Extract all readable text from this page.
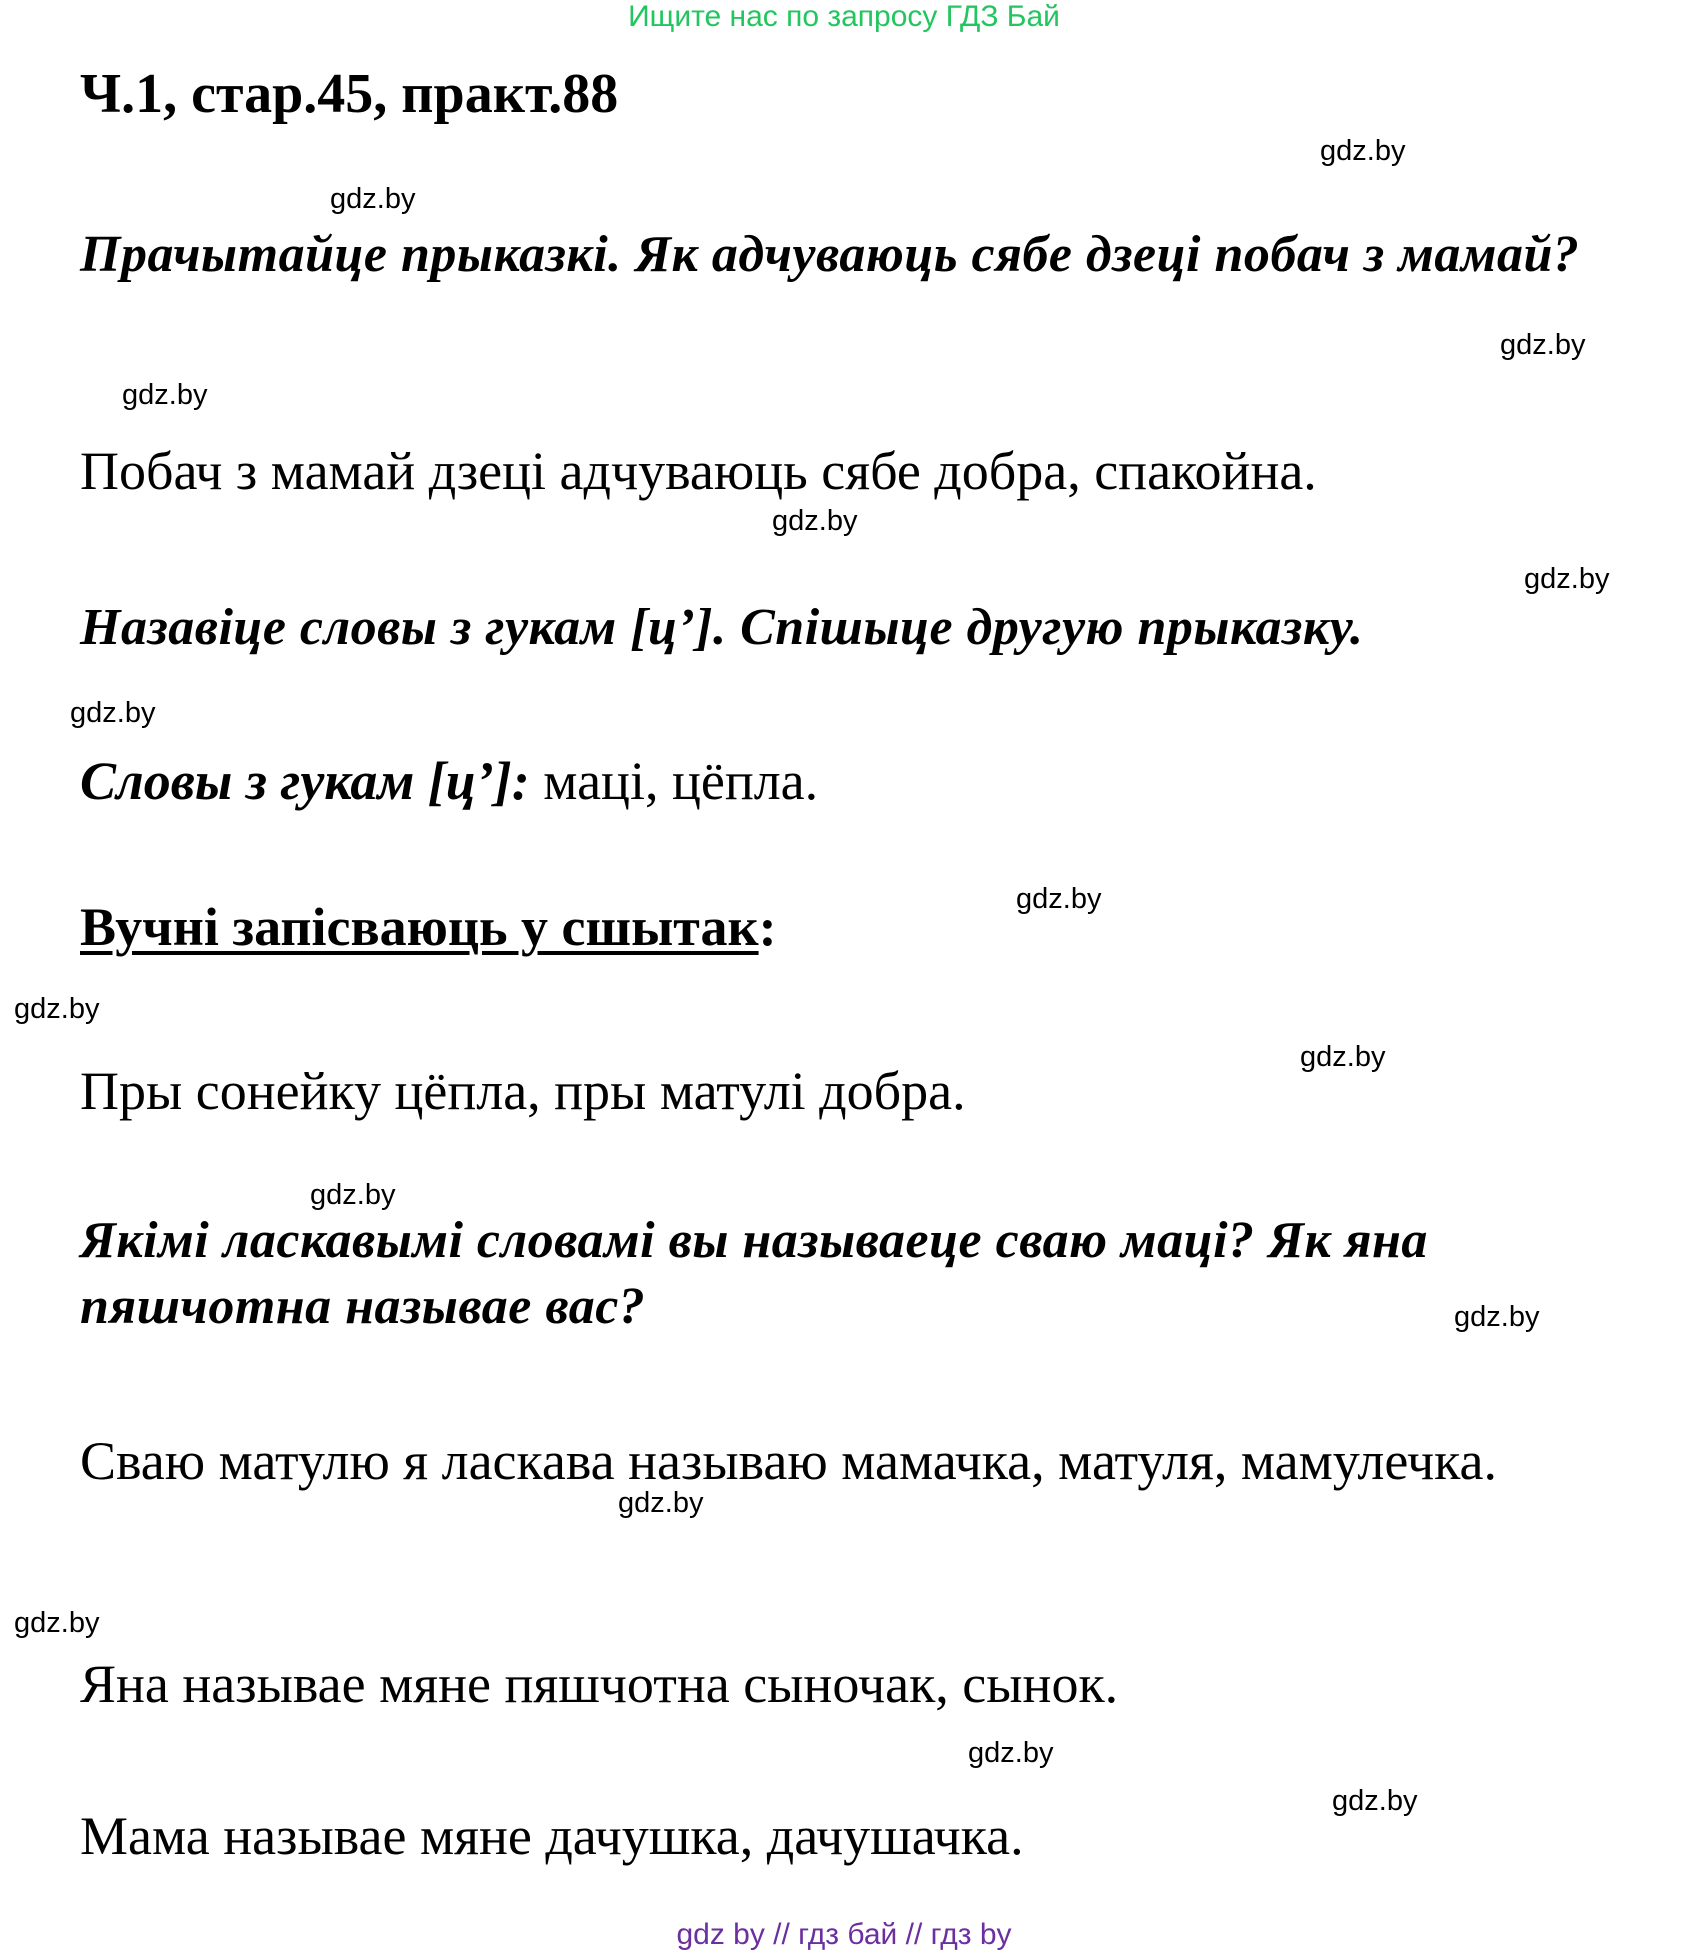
Ищите нас по запросу ГДЗ Бай
Ч.1, стар.45, практ.88
Прачытайце прыказкі. Як адчуваюць сябе дзеці побач з мамай?
Побач з мамай дзеці адчуваюць сябе добра, спакойна.
Назавіце словы з гукам [ц’]. Спішыце другую прыказку.
Словы з гукам [ц’]: маці, цёпла.
Вучні запісваюць у сшытак:
Пры сонейку цёпла, пры матулі добра.
Якімі ласкавымі словамі вы называеце сваю маці? Як яна пяшчотна называе вас?
Сваю матулю я ласкава называю мамачка, матуля, мамулечка.
Яна называе мяне пяшчотна сыночак, сынок.
Мама называе мяне дачушка, дачушачка.
gdz.by
gdz.by
gdz.by
gdz.by
gdz.by
gdz.by
gdz.by
gdz.by
gdz.by
gdz.by
gdz.by
gdz.by
gdz.by
gdz.by
gdz.by
gdz.by
gdz by // гдз бай // гдз by
